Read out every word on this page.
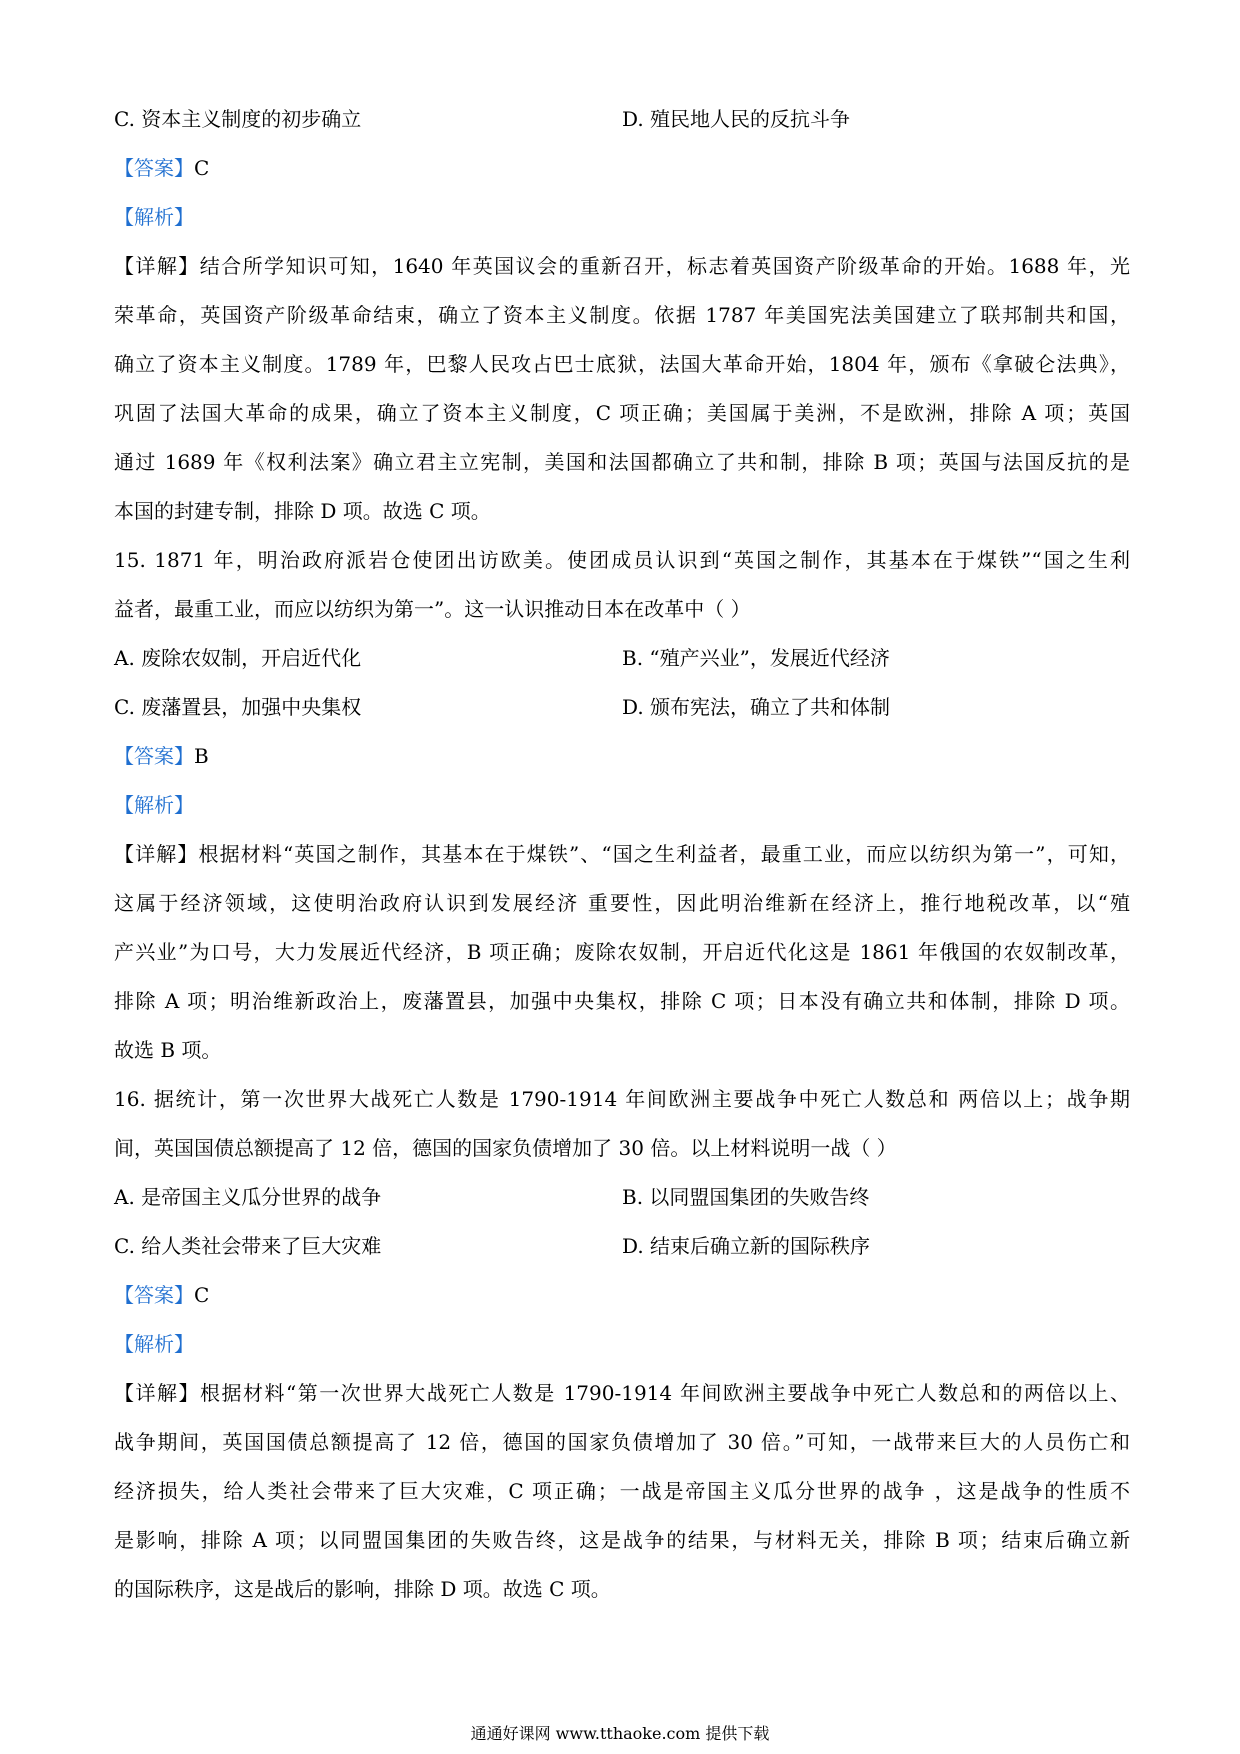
C. 资本主义制度的初步确立	D. 殖民地人民的反抗斗争
【答案】C
【解析】
【详解】结合所学知识可知，1640 年英国议会的重新召开，标志着英国资产阶级革命的开始。1688 年，光
荣革命，英国资产阶级革命结束，确立了资本主义制度。依据 1787 年美国宪法美国建立了联邦制共和国，
确立了资本主义制度。1789 年，巴黎人民攻占巴士底狱，法国大革命开始，1804 年，颁布《拿破仑法典》，
巩固了法国大革命的成果，确立了资本主义制度，C 项正确；美国属于美洲，不是欧洲，排除 A 项；英国
通过 1689 年《权利法案》确立君主立宪制，美国和法国都确立了共和制，排除 B 项；英国与法国反抗的是
本国的封建专制，排除 D 项。故选 C 项。
15. 1871 年，明治政府派岩仓使团出访欧美。使团成员认识到“英国之制作，其基本在于煤铁”“国之生利
益者，最重工业，而应以纺织为第一”。这一认识推动日本在改革中（ ）
A. 废除农奴制，开启近代化	B. “殖产兴业”，发展近代经济
C. 废藩置县，加强中央集权	D. 颁布宪法，确立了共和体制
【答案】B
【解析】
【详解】根据材料“英国之制作，其基本在于煤铁”、“国之生利益者，最重工业，而应以纺织为第一”，可知，
这属于经济领域，这使明治政府认识到发展经济 重要性，因此明治维新在经济上，推行地税改革，以“殖
产兴业”为口号，大力发展近代经济，B 项正确；废除农奴制，开启近代化这是 1861 年俄国的农奴制改革，
排除 A 项；明治维新政治上，废藩置县，加强中央集权，排除 C 项；日本没有确立共和体制，排除 D 项。
故选 B 项。
16. 据统计，第一次世界大战死亡人数是 1790-1914 年间欧洲主要战争中死亡人数总和 两倍以上；战争期
间，英国国债总额提高了 12 倍，德国的国家负债增加了 30 倍。以上材料说明一战（ ）
A. 是帝国主义瓜分世界的战争	B. 以同盟国集团的失败告终
C. 给人类社会带来了巨大灾难	D. 结束后确立新的国际秩序
【答案】C
【解析】
【详解】根据材料“第一次世界大战死亡人数是 1790-1914 年间欧洲主要战争中死亡人数总和的两倍以上、
战争期间，英国国债总额提高了 12 倍，德国的国家负债增加了 30 倍。”可知，一战带来巨大的人员伤亡和
经济损失，给人类社会带来了巨大灾难，C 项正确；一战是帝国主义瓜分世界的战争 ，这是战争的性质不
是影响，排除 A 项；以同盟国集团的失败告终，这是战争的结果，与材料无关，排除 B 项；结束后确立新
的国际秩序，这是战后的影响，排除 D 项。故选 C 项。
通通好课网 www.tthaoke.com 提供下载
